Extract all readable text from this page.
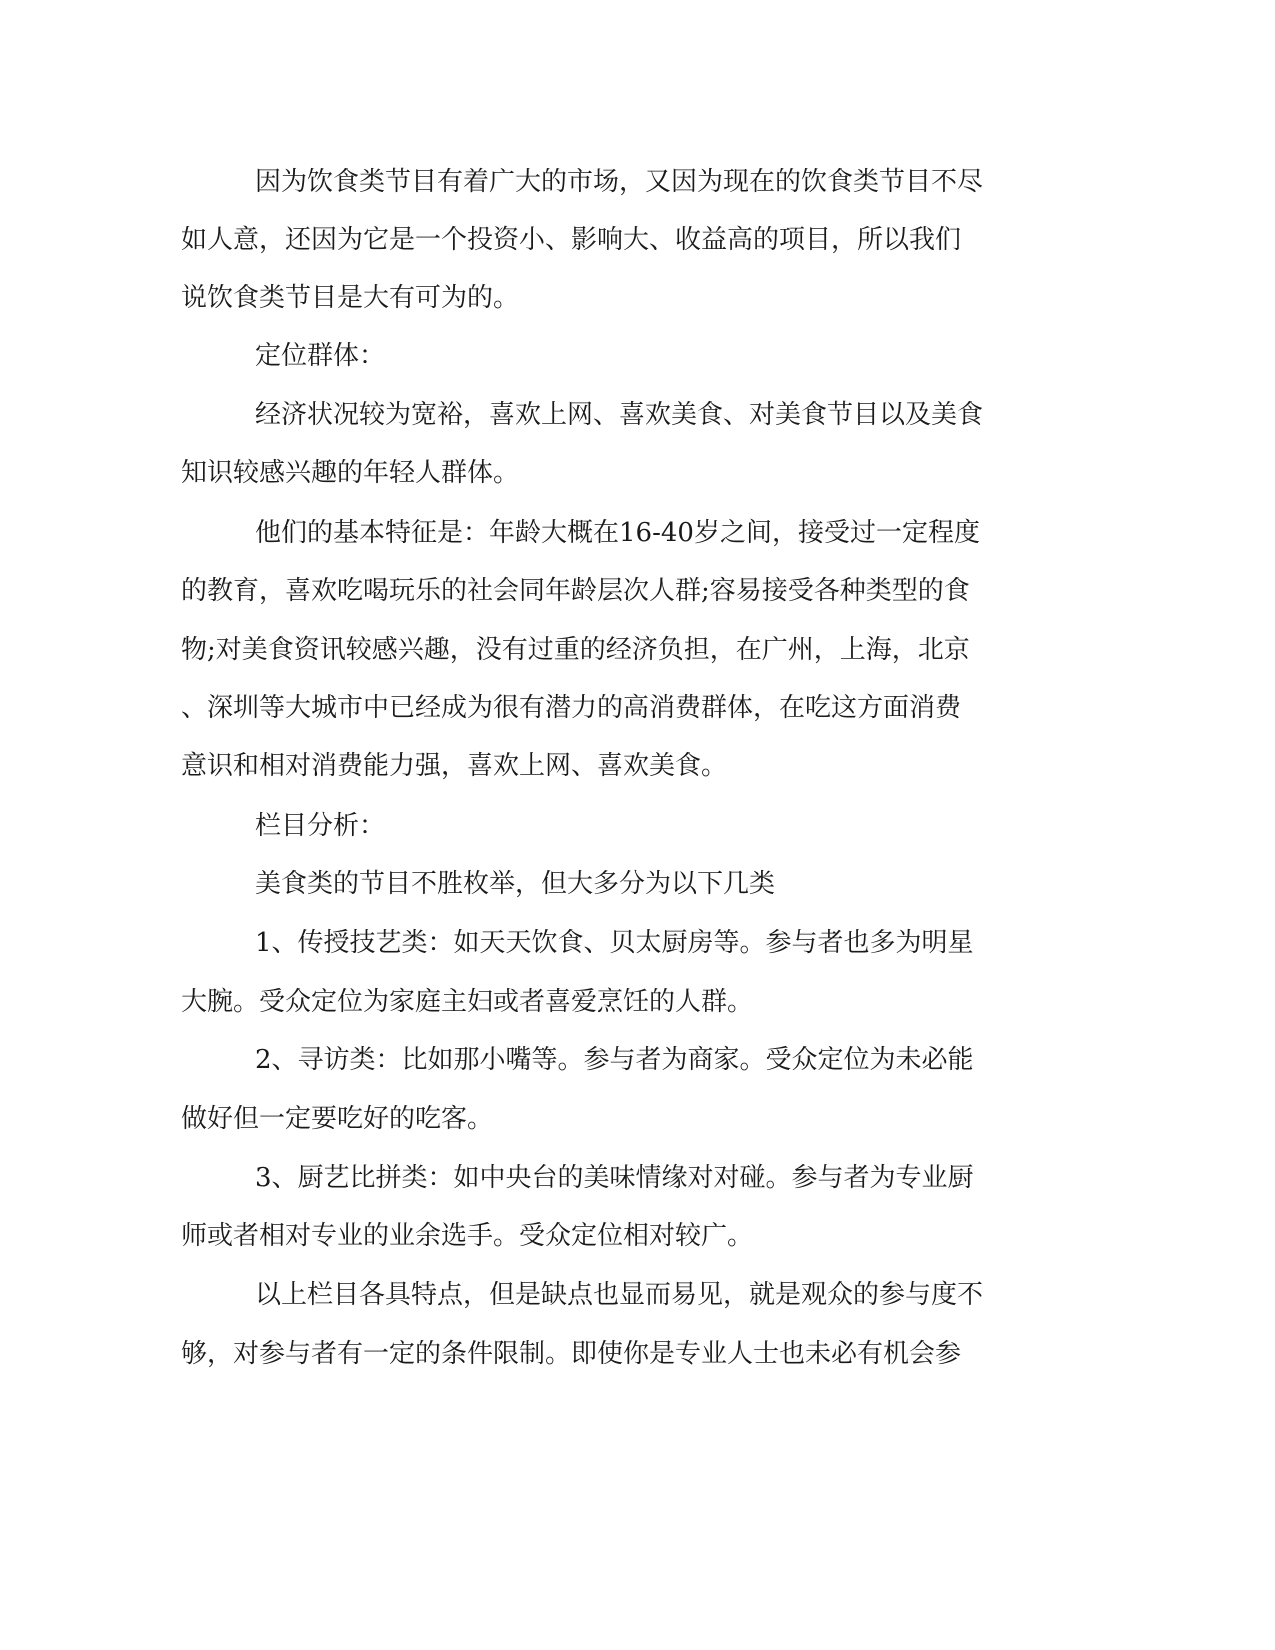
因为饮食类节目有着广大的市场，又因为现在的饮食类节目不尽
如人意，还因为它是一个投资小、影响大、收益高的项目，所以我们
说饮食类节目是大有可为的。
定位群体：
经济状况较为宽裕，喜欢上网、喜欢美食、对美食节目以及美食
知识较感兴趣的年轻人群体。
他们的基本特征是：年龄大概在16-40岁之间，接受过一定程度
的教育，喜欢吃喝玩乐的社会同年龄层次人群;容易接受各种类型的食
物;对美食资讯较感兴趣，没有过重的经济负担，在广州，上海，北京
、深圳等大城市中已经成为很有潜力的高消费群体，在吃这方面消费
意识和相对消费能力强，喜欢上网、喜欢美食。
栏目分析：
美食类的节目不胜枚举，但大多分为以下几类
1、传授技艺类：如天天饮食、贝太厨房等。参与者也多为明星
大腕。受众定位为家庭主妇或者喜爱烹饪的人群。
2、寻访类：比如那小嘴等。参与者为商家。受众定位为未必能
做好但一定要吃好的吃客。
3、厨艺比拼类：如中央台的美味情缘对对碰。参与者为专业厨
师或者相对专业的业余选手。受众定位相对较广。
以上栏目各具特点，但是缺点也显而易见，就是观众的参与度不
够，对参与者有一定的条件限制。即使你是专业人士也未必有机会参
